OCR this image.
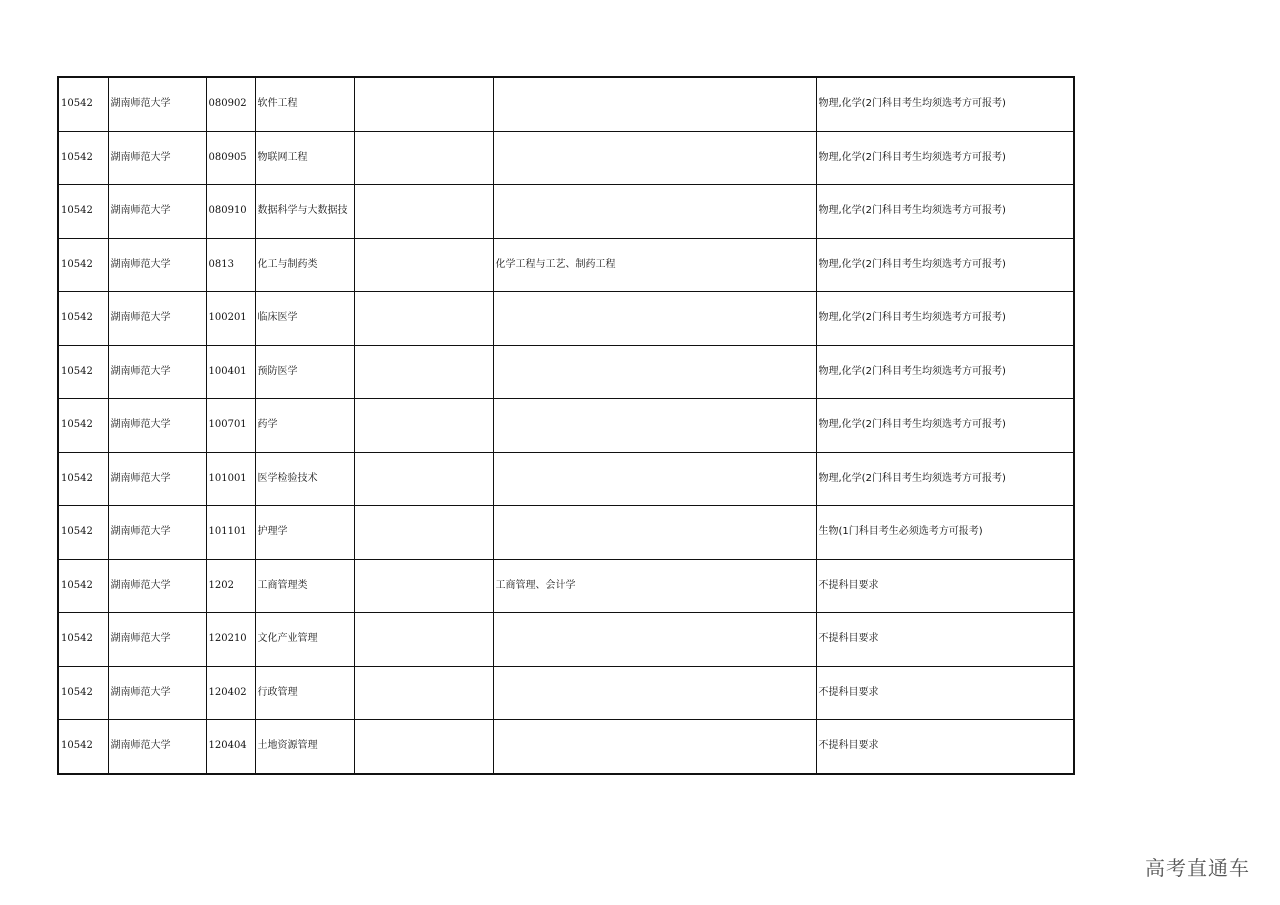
10542	湖南师范大学	080902	软件工程			物理,化学(2门科目考生均须选考方可报考)
10542	湖南师范大学	080905	物联网工程			物理,化学(2门科目考生均须选考方可报考)
10542	湖南师范大学	080910	数据科学与大数据技			物理,化学(2门科目考生均须选考方可报考)
10542	湖南师范大学	0813	化工与制药类		化学工程与工艺、制药工程	物理,化学(2门科目考生均须选考方可报考)
10542	湖南师范大学	100201	临床医学			物理,化学(2门科目考生均须选考方可报考)
10542	湖南师范大学	100401	预防医学			物理,化学(2门科目考生均须选考方可报考)
10542	湖南师范大学	100701	药学			物理,化学(2门科目考生均须选考方可报考)
10542	湖南师范大学	101001	医学检验技术			物理,化学(2门科目考生均须选考方可报考)
10542	湖南师范大学	101101	护理学			生物(1门科目考生必须选考方可报考)
10542	湖南师范大学	1202	工商管理类		工商管理、会计学	不提科目要求
10542	湖南师范大学	120210	文化产业管理			不提科目要求
10542	湖南师范大学	120402	行政管理			不提科目要求
10542	湖南师范大学	120404	土地资源管理			不提科目要求
高考直通车
